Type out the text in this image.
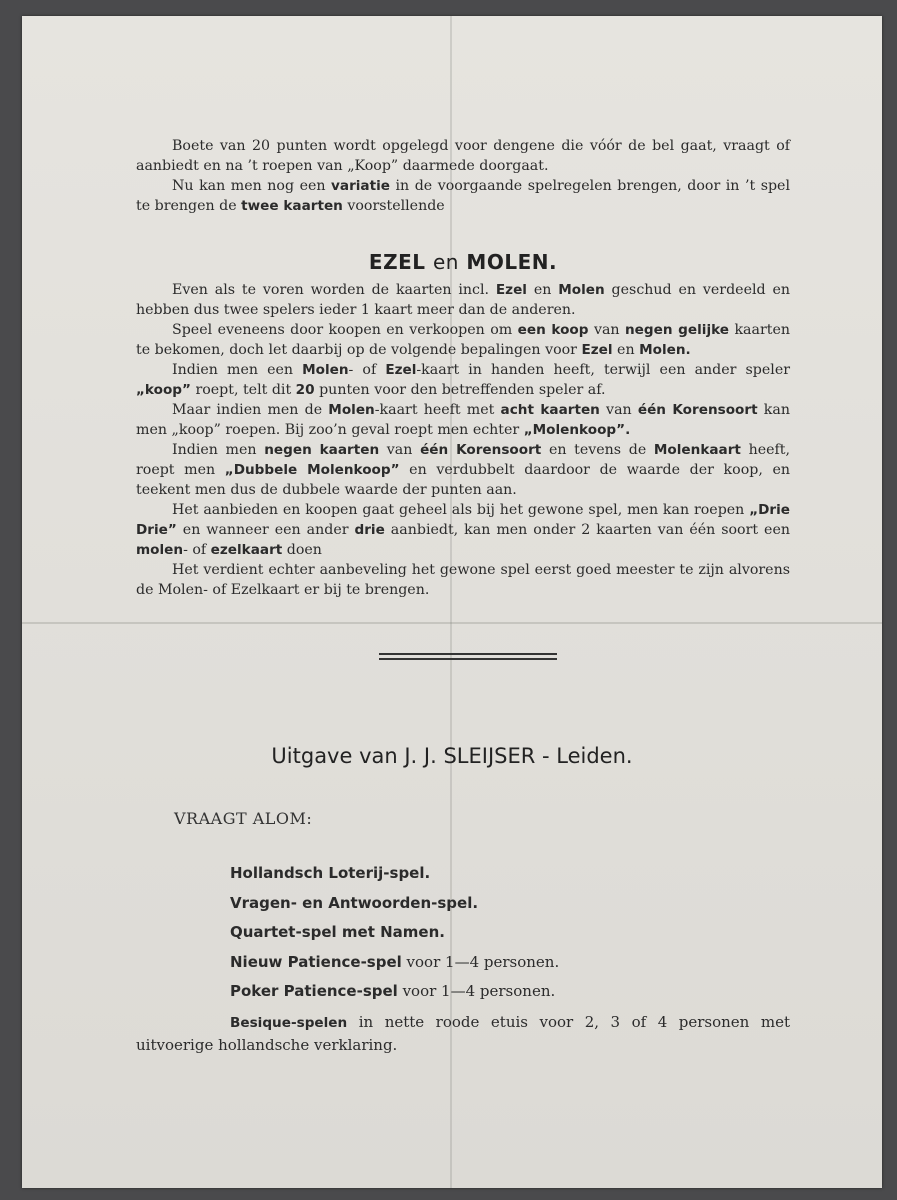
Boete van 20 punten wordt opgelegd voor dengene die vóór de bel gaat, vraagt of aanbiedt en na ’t roepen van „Koop” daarmede doorgaat.

Nu kan men nog een variatie in de voorgaande spelregelen brengen, door in ’t spel te brengen de twee kaarten voorstellende

EZEL en MOLEN.

Even als te voren worden de kaarten incl. Ezel en Molen geschud en verdeeld en hebben dus twee spelers ieder 1 kaart meer dan de anderen.

Speel eveneens door koopen en verkoopen om een koop van negen gelijke kaarten te bekomen, doch let daarbij op de volgende bepalingen voor Ezel en Molen.

Indien men een Molen- of Ezel-kaart in handen heeft, terwijl een ander speler „koop” roept, telt dit 20 punten voor den betreffenden speler af.

Maar indien men de Molen-kaart heeft met acht kaarten van één Korensoort kan men „koop” roepen. Bij zoo’n geval roept men echter „Molenkoop”.

Indien men negen kaarten van één Korensoort en tevens de Molenkaart heeft, roept men „Dubbele Molenkoop” en verdubbelt daardoor de waarde der koop, en teekent men dus de dubbele waarde der punten aan.

Het aanbieden en koopen gaat geheel als bij het gewone spel, men kan roepen „Drie Drie” en wanneer een ander drie aanbiedt, kan men onder 2 kaarten van één soort een molen- of ezelkaart doen

Het verdient echter aanbeveling het gewone spel eerst goed meester te zijn alvorens de Molen- of Ezelkaart er bij te brengen.

Uitgave van J. J. SLEIJSER - Leiden.
VRAAGT ALOM:
Hollandsch Loterij-spel.
Vragen- en Antwoorden-spel.
Quartet-spel met Namen.
Nieuw Patience-spel voor 1—4 personen.
Poker Patience-spel voor 1—4 personen.
Besique-spelen in nette roode etuis voor 2, 3 of 4 personen met uitvoerige hollandsche verklaring.
